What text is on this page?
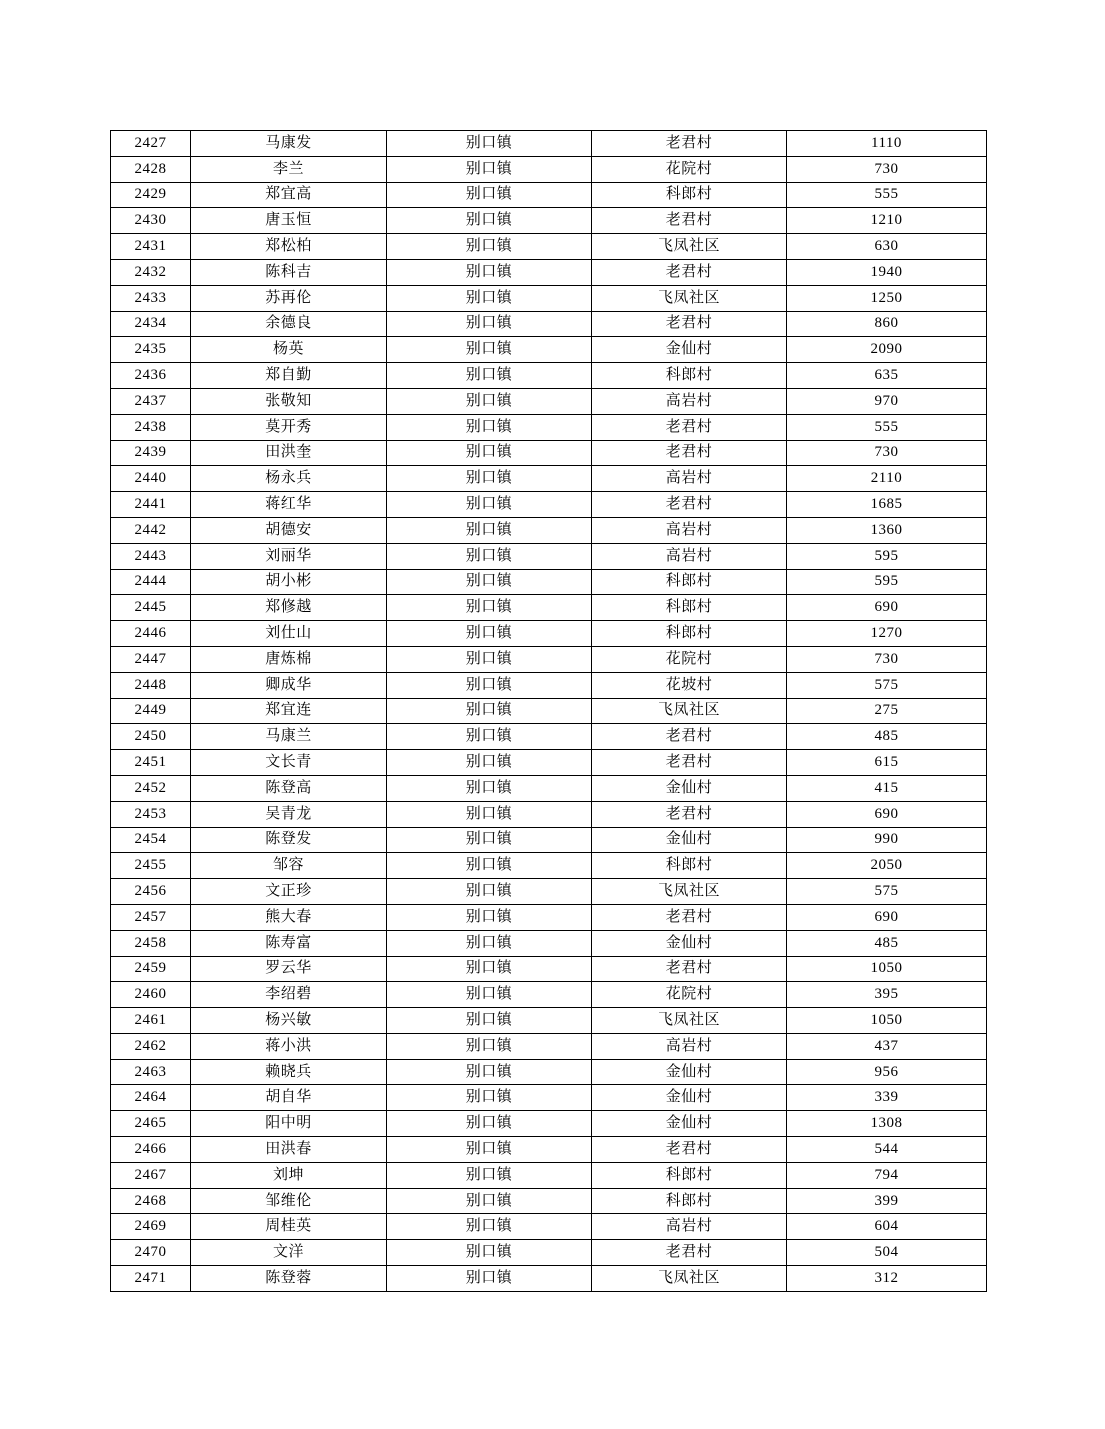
2427	马康发	别口镇	老君村	1110
2428	李兰	别口镇	花院村	730
2429	郑宜高	别口镇	科郎村	555
2430	唐玉恒	别口镇	老君村	1210
2431	郑松柏	别口镇	飞凤社区	630
2432	陈科吉	别口镇	老君村	1940
2433	苏再伦	别口镇	飞凤社区	1250
2434	余德良	别口镇	老君村	860
2435	杨英	别口镇	金仙村	2090
2436	郑自勤	别口镇	科郎村	635
2437	张敬知	别口镇	高岩村	970
2438	莫开秀	别口镇	老君村	555
2439	田洪奎	别口镇	老君村	730
2440	杨永兵	别口镇	高岩村	2110
2441	蒋红华	别口镇	老君村	1685
2442	胡德安	别口镇	高岩村	1360
2443	刘丽华	别口镇	高岩村	595
2444	胡小彬	别口镇	科郎村	595
2445	郑修越	别口镇	科郎村	690
2446	刘仕山	别口镇	科郎村	1270
2447	唐炼棉	别口镇	花院村	730
2448	卿成华	别口镇	花坡村	575
2449	郑宜连	别口镇	飞凤社区	275
2450	马康兰	别口镇	老君村	485
2451	文长青	别口镇	老君村	615
2452	陈登高	别口镇	金仙村	415
2453	吴青龙	别口镇	老君村	690
2454	陈登发	别口镇	金仙村	990
2455	邹容	别口镇	科郎村	2050
2456	文正珍	别口镇	飞凤社区	575
2457	熊大春	别口镇	老君村	690
2458	陈寿富	别口镇	金仙村	485
2459	罗云华	别口镇	老君村	1050
2460	李绍碧	别口镇	花院村	395
2461	杨兴敏	别口镇	飞凤社区	1050
2462	蒋小洪	别口镇	高岩村	437
2463	赖晓兵	别口镇	金仙村	956
2464	胡自华	别口镇	金仙村	339
2465	阳中明	别口镇	金仙村	1308
2466	田洪春	别口镇	老君村	544
2467	刘坤	别口镇	科郎村	794
2468	邹维伦	别口镇	科郎村	399
2469	周桂英	别口镇	高岩村	604
2470	文洋	别口镇	老君村	504
2471	陈登蓉	别口镇	飞凤社区	312
